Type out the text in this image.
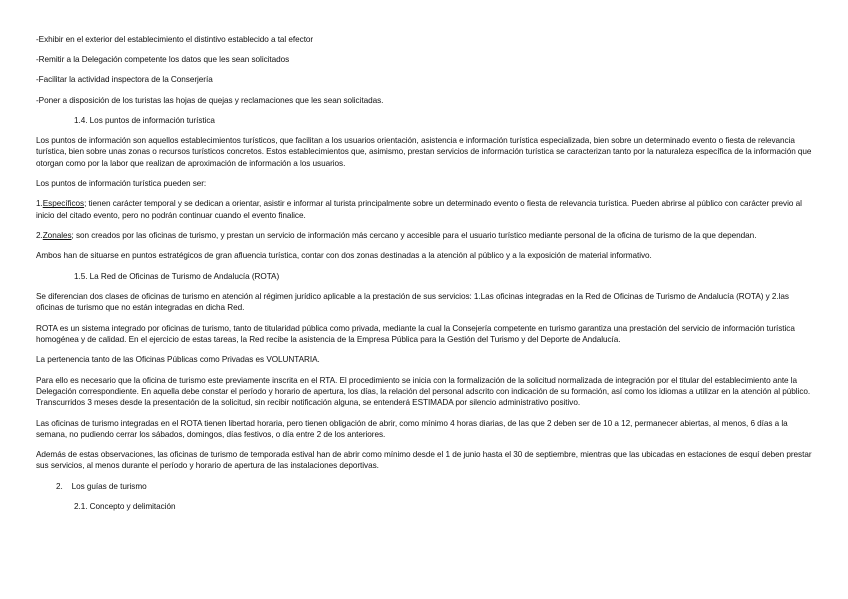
-Exhibir en el exterior del establecimiento el distintivo establecido a tal efector

-Remitir a la Delegación competente los datos que les sean solicitados

-Facilitar la actividad inspectora de la Conserjería

-Poner a disposición de los turistas las hojas de quejas y reclamaciones que les sean solicitadas.

1.4. Los puntos de información turística

Los puntos de información son aquellos establecimientos turísticos, que facilitan a los usuarios orientación, asistencia e información turística especializada, bien sobre un determinado evento o fiesta de relevancia turística, bien sobre unas zonas o recursos turísticos concretos. Estos establecimientos que, asimismo, prestan servicios de información turística se caracterizan tanto por la naturaleza específica de la información que otorgan como por la labor que realizan de aproximación de información a los usuarios.

Los puntos de información turística pueden ser:

1.Específicos; tienen carácter temporal y se dedican a orientar, asistir e informar al turista principalmente sobre un determinado evento o fiesta de relevancia turística. Pueden abrirse al público con carácter previo al inicio del citado evento, pero no podrán continuar cuando el evento finalice.

2.Zonales; son creados por las oficinas de turismo, y prestan un servicio de información más cercano y accesible para el usuario turístico mediante personal de la oficina de turismo de la que dependan.

Ambos han de situarse en puntos estratégicos de gran afluencia turística, contar con dos zonas destinadas a la atención al público y a la exposición de material informativo.

1.5. La Red de Oficinas de Turismo de Andalucía (ROTA)

Se diferencian dos clases de oficinas de turismo en atención al régimen jurídico aplicable a la prestación de sus servicios: 1.Las oficinas integradas en la Red de Oficinas de Turismo de Andalucía (ROTA) y 2.las oficinas de turismo que no están integradas en dicha Red.

ROTA es un sistema integrado por oficinas de turismo, tanto de titularidad pública como privada, mediante la cual la Consejería competente en turismo garantiza una prestación del servicio de información turística homogénea y de calidad. En el ejercicio de estas tareas, la Red recibe la asistencia de la Empresa Pública para la Gestión del Turismo y del Deporte de Andalucía.

La pertenencia tanto de las Oficinas Públicas como Privadas es VOLUNTARIA.

Para ello es necesario que la oficina de turismo este previamente inscrita en el RTA. El procedimiento se inicia con la formalización de la solicitud normalizada de integración por el titular del establecimiento ante la Delegación correspondiente. En aquella debe constar el período y horario de apertura, los días, la relación del personal adscrito con indicación de su formación, así como los idiomas a utilizar en la atención al público. Transcurridos 3 meses desde la presentación de la solicitud, sin recibir notificación alguna, se entenderá ESTIMADA por silencio administrativo positivo.

Las oficinas de turismo integradas en el ROTA tienen libertad horaria, pero tienen obligación de abrir, como mínimo 4 horas diarias, de las que 2 deben ser de 10 a 12, permanecer abiertas, al menos, 6 días a la semana, no pudiendo cerrar los sábados, domingos, días festivos, o día entre 2 de los anteriores.

Además de estas observaciones, las oficinas de turismo de temporada estival han de abrir como mínimo desde el 1 de junio hasta el 30 de septiembre, mientras que las ubicadas en estaciones de esquí deben prestar sus servicios, al menos durante el período y horario de apertura de las instalaciones deportivas.

2.    Los guías de turismo

2.1. Concepto y delimitación
